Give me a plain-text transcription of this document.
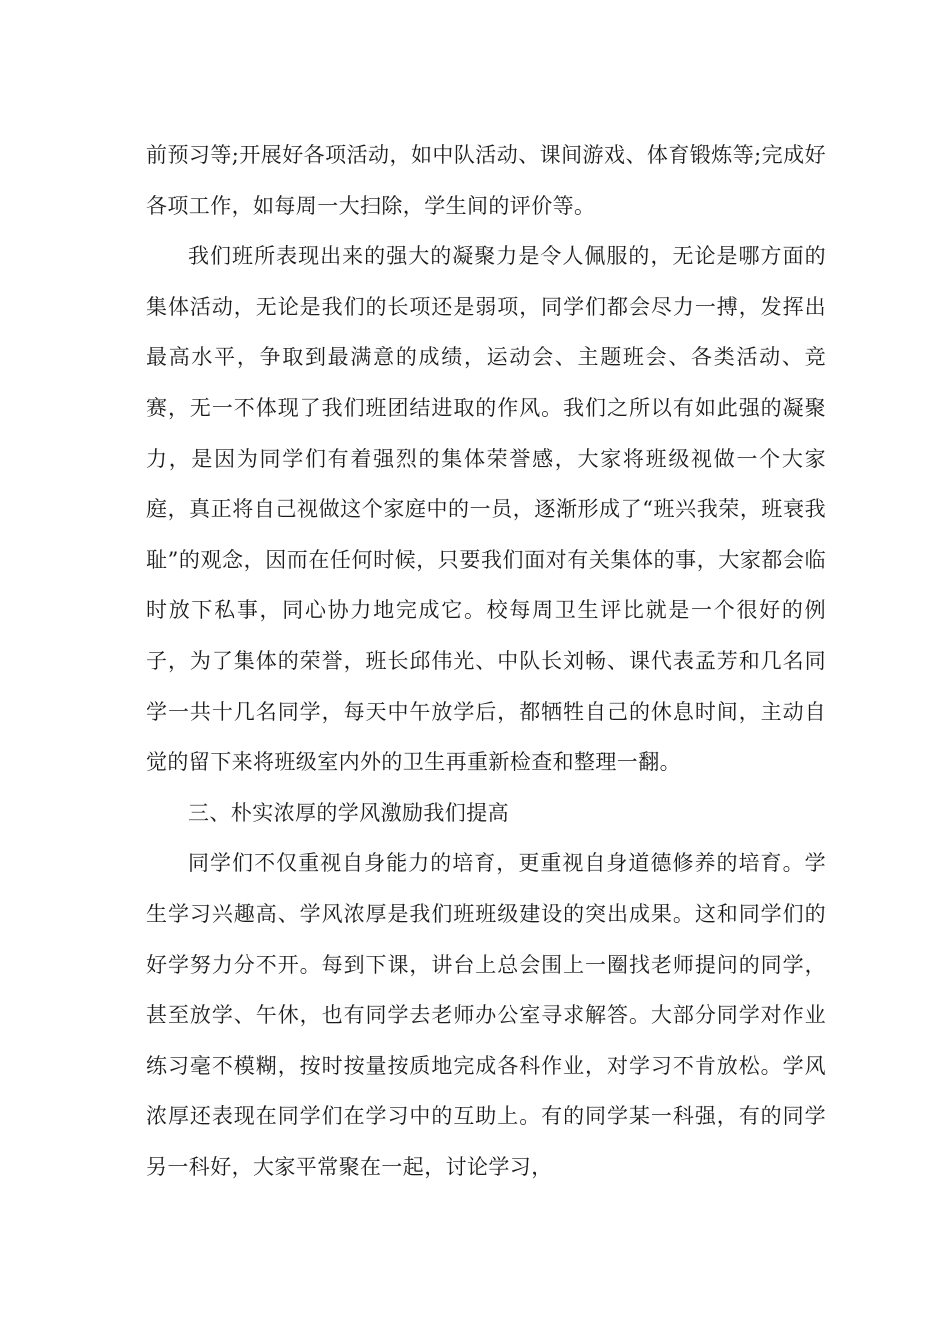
前预习等;开展好各项活动，如中队活动、课间游戏、体育锻炼等;完成好各项工作，如每周一大扫除，学生间的评价等。

我们班所表现出来的强大的凝聚力是令人佩服的，无论是哪方面的集体活动，无论是我们的长项还是弱项，同学们都会尽力一搏，发挥出最高水平，争取到最满意的成绩，运动会、主题班会、各类活动、竞赛，无一不体现了我们班团结进取的作风。我们之所以有如此强的凝聚力，是因为同学们有着强烈的集体荣誉感，大家将班级视做一个大家庭，真正将自己视做这个家庭中的一员，逐渐形成了“班兴我荣，班衰我耻”的观念，因而在任何时候，只要我们面对有关集体的事，大家都会临时放下私事，同心协力地完成它。校每周卫生评比就是一个很好的例子，为了集体的荣誉，班长邱伟光、中队长刘畅、课代表孟芳和几名同学一共十几名同学，每天中午放学后，都牺牲自己的休息时间，主动自觉的留下来将班级室内外的卫生再重新检查和整理一翻。

三、朴实浓厚的学风激励我们提高

同学们不仅重视自身能力的培育，更重视自身道德修养的培育。学生学习兴趣高、学风浓厚是我们班班级建设的突出成果。这和同学们的好学努力分不开。每到下课，讲台上总会围上一圈找老师提问的同学，甚至放学、午休，也有同学去老师办公室寻求解答。大部分同学对作业练习毫不模糊，按时按量按质地完成各科作业，对学习不肯放松。学风浓厚还表现在同学们在学习中的互助上。有的同学某一科强，有的同学另一科好，大家平常聚在一起，讨论学习，
